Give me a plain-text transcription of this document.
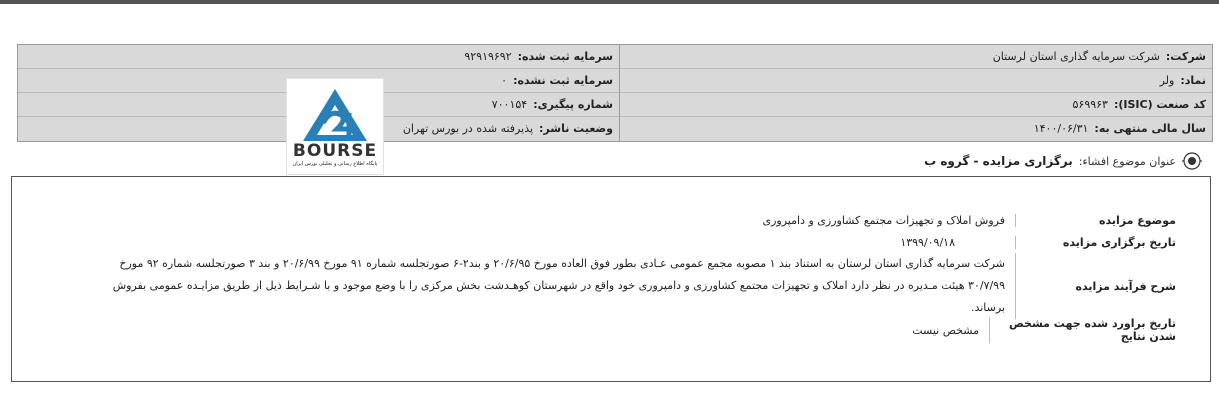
شرکت:
شرکت سرمایه گذاری استان لرستان
سرمایه ثبت شده:
۹۲۹۱۹۶۹۲
نماد:
ولر
سرمایه ثبت نشده:
۰
کد صنعت (ISIC):
۵۶۹۹۶۳
شماره پیگیری:
۷۰۰۱۵۴
سال مالی منتهی به:
۱۴۰۰/۰۶/۳۱
وضعیت ناشر:
پذیرفته شده در بورس تهران
BOURSE
پایگاه اطلاع رسانی و تحلیلی بورس ایران	عنوان موضوع افشاء:
برگزاری مزایده - گروه ب
موضوع مزایده
فروش املاک و تجهیزات مجتمع کشاورزی و دامپروری
تاریخ برگزاری مزایده
۱۳۹۹/۰۹/۱۸
شرح فرآیند مزایده
شرکت سرمایه گذاری استان لرستان به استناد بند ۱ مصوبه مجمع عمومی عـادی بطور فوق العاده مورخ ۲۰/۶/۹۵ و بند۲-۶ صورتجلسه شماره ۹۱ مورخ ۲۰/۶/۹۹ و بند ۳ صورتجلسه شماره ۹۲ مورخ
۳۰/۷/۹۹ هیئت مـدیره در نظر دارد املاک و تجهیزات مجتمع کشاورزی و دامپروری خود واقع در شهرستان کوهـدشت بخش مرکزی را با وضع موجود و با شـرایط ذیل از طریق مزایـده عمومی بفروش
برساند.
تاریخ براورد شده جهت مشخص شدن نتایج
مشخص نیست
